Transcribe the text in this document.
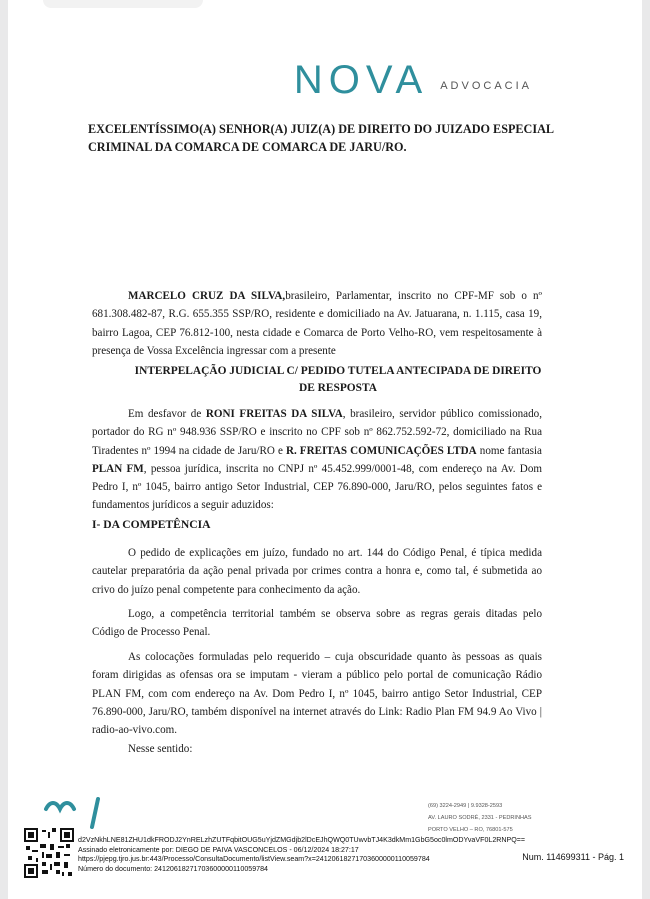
NOVA ADVOCACIA
EXCELENTÍSSIMO(A) SENHOR(A) JUIZ(A) DE DIREITO DO JUIZADO ESPECIAL
CRIMINAL DA COMARCA DE COMARCA DE JARU/RO.
MARCELO CRUZ DA SILVA,brasileiro, Parlamentar, inscrito no CPF-MF sob o nº 681.308.482-87, R.G. 655.355 SSP/RO, residente e domiciliado na Av. Jatuarana, n. 1.115, casa 19, bairro Lagoa, CEP 76.812-100, nesta cidade e Comarca de Porto Velho-RO, vem respeitosamente à presença de Vossa Excelência ingressar com a presente
INTERPELAÇÃO JUDICIAL C/ PEDIDO TUTELA ANTECIPADA DE DIREITO
DE RESPOSTA
Em desfavor de RONI FREITAS DA SILVA, brasileiro, servidor público comissionado, portador do RG nº 948.936 SSP/RO e inscrito no CPF sob nº 862.752.592-72, domiciliado na Rua Tiradentes nº 1994 na cidade de Jaru/RO e R. FREITAS COMUNICAÇÕES LTDA nome fantasia PLAN FM, pessoa jurídica, inscrita no CNPJ nº 45.452.999/0001-48, com endereço na Av. Dom Pedro I, nº 1045, bairro antigo Setor Industrial, CEP 76.890-000, Jaru/RO, pelos seguintes fatos e fundamentos jurídicos a seguir aduzidos:
I- DA COMPETÊNCIA
O pedido de explicações em juízo, fundado no art. 144 do Código Penal, é típica medida cautelar preparatória da ação penal privada por crimes contra a honra e, como tal, é submetida ao crivo do juízo penal competente para conhecimento da ação.
Logo, a competência territorial também se observa sobre as regras gerais ditadas pelo Código de Processo Penal.
As colocações formuladas pelo requerido – cuja obscuridade quanto às pessoas as quais foram dirigidas as ofensas ora se imputam - vieram a público pelo portal de comunicação Rádio PLAN FM, com com endereço na Av. Dom Pedro I, nº 1045, bairro antigo Setor Industrial, CEP 76.890-000, Jaru/RO, também disponível na internet através do Link: Radio Plan FM 94.9 Ao Vivo | radio-ao-vivo.com.
Nesse sentido:
(69) 3224-2949 | 9.9328-2593
AV. LAURO SODRÉ, 2331 - PEDRINHAS
PORTO VELHO – RO, 76801-575
d2VzNkhLNE81ZHU1dkFRODJ2YnRELzhZUTFqbitOUG5uYjdZMGdjb2lDcEJhQWQ0TUwvbTJ4K3dkMm1GbG5oc0lmODYvaVF0L2RNPQ==
Assinado eletronicamente por: DIEGO DE PAIVA VASCONCELOS - 06/12/2024 18:27:17
https://pjepg.tjro.jus.br:443/Processo/ConsultaDocumento/listView.seam?x=24120618271703600000110059784
Número do documento: 24120618271703600000110059784
Num. 114699311 - Pág. 1
